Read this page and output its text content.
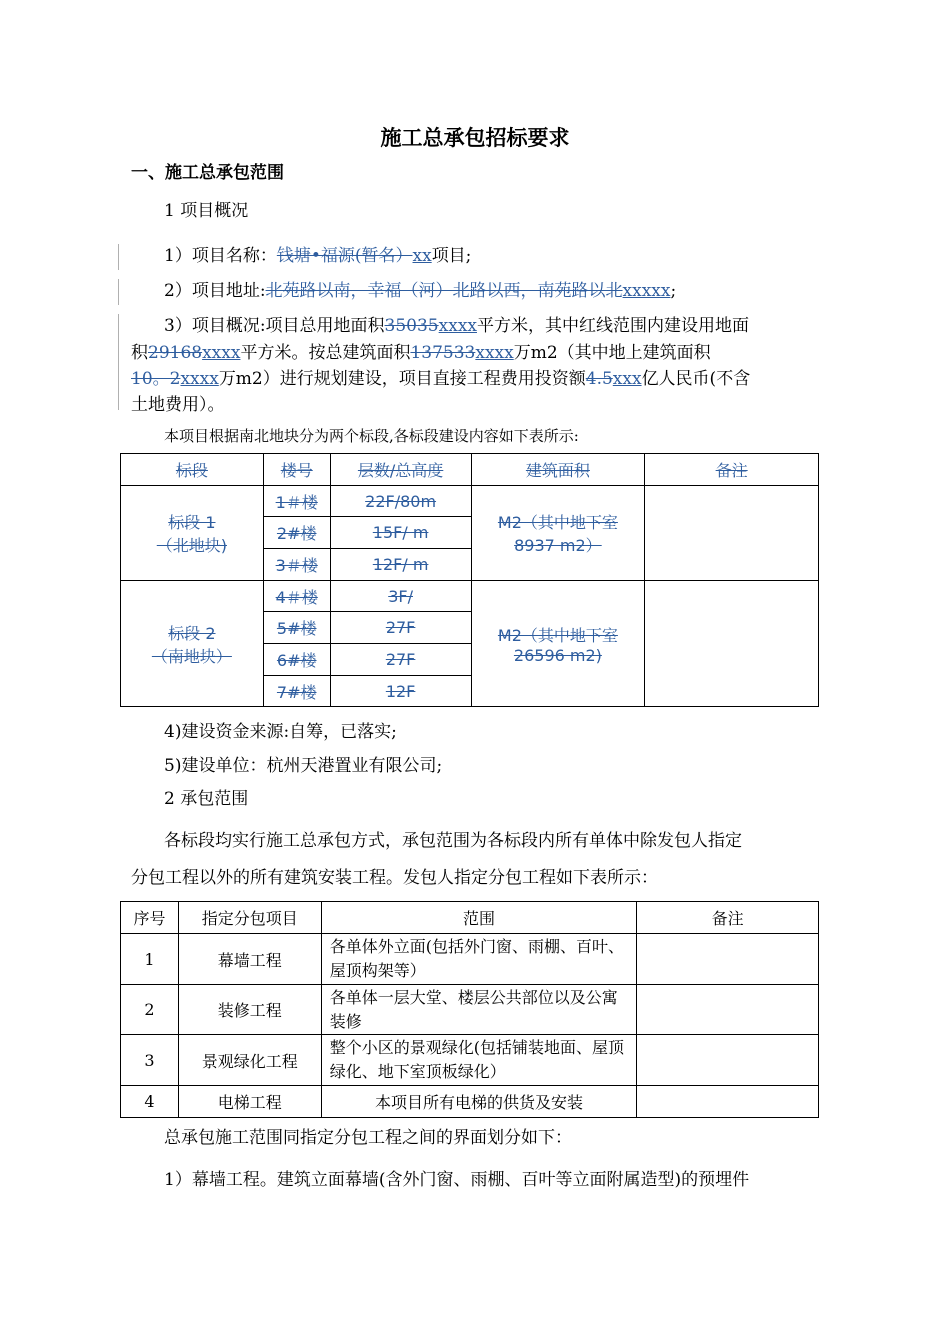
施工总承包招标要求
一、施工总承包范围
1 项目概况
1）项目名称：钱塘•福源(暂名）xx项目;
2）项目地址:北苑路以南，幸福（河）北路以西，南苑路以北xxxxx;
3）项目概况:项目总用地面积35035xxxx平方米，其中红线范围内建设用地面
积29168xxxx平方米。按总建筑面积137533xxxx万m2（其中地上建筑面积
10。2xxxx万m2）进行规划建设，项目直接工程费用投资额4.5xxx亿人民币(不含
土地费用）。
本项目根据南北地块分为两个标段,各标段建设内容如下表所示:
标段	楼号	层数/总高度	建筑面积	备注
标段 1
（北地块)	1＃楼	22F/80m	M2（其中地下室
8937 m2）	
	2#楼	15F/ m		
	3＃楼	12F/ m		
标段 2
（南地块）	4＃楼	3F/	M2（其中地下室
26596 m2)	
	5#楼	27F		
	6#楼	27F		
	7#楼	12F		
4)建设资金来源:自筹，已落实;
5)建设单位：杭州天港置业有限公司;
2 承包范围
各标段均实行施工总承包方式，承包范围为各标段内所有单体中除发包人指定
分包工程以外的所有建筑安装工程。发包人指定分包工程如下表所示：
序号	指定分包项目	范围	备注
1	幕墙工程	各单体外立面(包括外门窗、雨棚、百叶、屋顶构架等）	
2	装修工程	各单体一层大堂、楼层公共部位以及公寓装修	
3	景观绿化工程	整个小区的景观绿化(包括铺装地面、屋顶绿化、地下室顶板绿化）	
4	电梯工程	本项目所有电梯的供货及安装	
总承包施工范围同指定分包工程之间的界面划分如下：
1）幕墙工程。建筑立面幕墙(含外门窗、雨棚、百叶等立面附属造型)的预埋件
